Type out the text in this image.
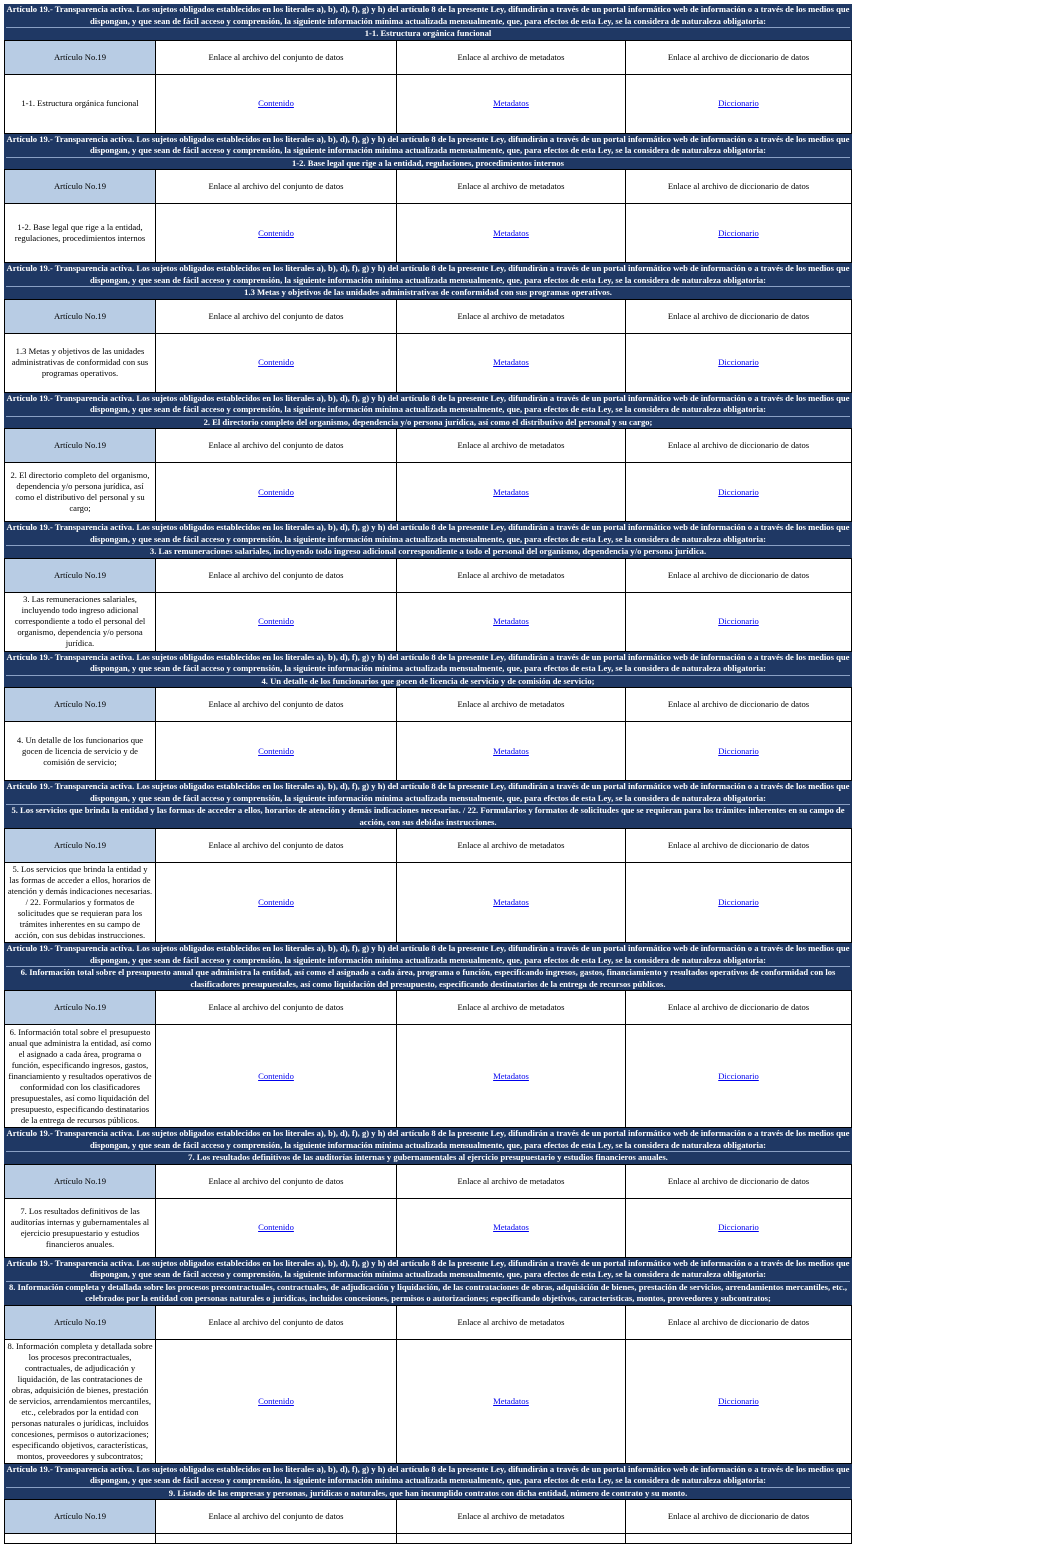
Artículo 19.- Transparencia activa. Los sujetos obligados establecidos en los literales a), b), d), f), g) y h) del artículo 8 de la presente Ley, difundirán a través de un portal informático web de información o a través de los medios que dispongan, y que sean de fácil acceso y comprensión, la siguiente información mínima actualizada mensualmente, que, para efectos de esta Ley, se la considera de naturaleza obligatoria:
1-1. Estructura orgánica funcional
Artículo No.19	Enlace al archivo del conjunto de datos	Enlace al archivo de metadatos	Enlace al archivo de diccionario de datos
1-1. Estructura orgánica funcional	Contenido	Metadatos	Diccionario
Artículo 19.- Transparencia activa. Los sujetos obligados establecidos en los literales a), b), d), f), g) y h) del artículo 8 de la presente Ley, difundirán a través de un portal informático web de información o a través de los medios que dispongan, y que sean de fácil acceso y comprensión, la siguiente información mínima actualizada mensualmente, que, para efectos de esta Ley, se la considera de naturaleza obligatoria:
1-2. Base legal que rige a la entidad, regulaciones, procedimientos internos
Artículo No.19	Enlace al archivo del conjunto de datos	Enlace al archivo de metadatos	Enlace al archivo de diccionario de datos
1-2. Base legal que rige a la entidad, regulaciones, procedimientos internos	Contenido	Metadatos	Diccionario
Artículo 19.- Transparencia activa. Los sujetos obligados establecidos en los literales a), b), d), f), g) y h) del artículo 8 de la presente Ley, difundirán a través de un portal informático web de información o a través de los medios que dispongan, y que sean de fácil acceso y comprensión, la siguiente información mínima actualizada mensualmente, que, para efectos de esta Ley, se la considera de naturaleza obligatoria:
1.3 Metas y objetivos de las unidades administrativas de conformidad con sus programas operativos.
Artículo No.19	Enlace al archivo del conjunto de datos	Enlace al archivo de metadatos	Enlace al archivo de diccionario de datos
1.3 Metas y objetivos de las unidades administrativas de conformidad con sus programas operativos.	Contenido	Metadatos	Diccionario
Artículo 19.- Transparencia activa. Los sujetos obligados establecidos en los literales a), b), d), f), g) y h) del artículo 8 de la presente Ley, difundirán a través de un portal informático web de información o a través de los medios que dispongan, y que sean de fácil acceso y comprensión, la siguiente información mínima actualizada mensualmente, que, para efectos de esta Ley, se la considera de naturaleza obligatoria:
2. El directorio completo del organismo, dependencia y/o persona jurídica, así como el distributivo del personal y su cargo;
Artículo No.19	Enlace al archivo del conjunto de datos	Enlace al archivo de metadatos	Enlace al archivo de diccionario de datos
2. El directorio completo del organismo, dependencia y/o persona jurídica, así como el distributivo del personal y su cargo;	Contenido	Metadatos	Diccionario
Artículo 19.- Transparencia activa. Los sujetos obligados establecidos en los literales a), b), d), f), g) y h) del artículo 8 de la presente Ley, difundirán a través de un portal informático web de información o a través de los medios que dispongan, y que sean de fácil acceso y comprensión, la siguiente información mínima actualizada mensualmente, que, para efectos de esta Ley, se la considera de naturaleza obligatoria:
3. Las remuneraciones salariales, incluyendo todo ingreso adicional correspondiente a todo el personal del organismo, dependencia y/o persona jurídica.
Artículo No.19	Enlace al archivo del conjunto de datos	Enlace al archivo de metadatos	Enlace al archivo de diccionario de datos
3. Las remuneraciones salariales, incluyendo todo ingreso adicional correspondiente a todo el personal del organismo, dependencia y/o persona jurídica.	Contenido	Metadatos	Diccionario
Artículo 19.- Transparencia activa. Los sujetos obligados establecidos en los literales a), b), d), f), g) y h) del artículo 8 de la presente Ley, difundirán a través de un portal informático web de información o a través de los medios que dispongan, y que sean de fácil acceso y comprensión, la siguiente información mínima actualizada mensualmente, que, para efectos de esta Ley, se la considera de naturaleza obligatoria:
4. Un detalle de los funcionarios que gocen de licencia de servicio y de comisión de servicio;
Artículo No.19	Enlace al archivo del conjunto de datos	Enlace al archivo de metadatos	Enlace al archivo de diccionario de datos
4. Un detalle de los funcionarios que gocen de licencia de servicio y de comisión de servicio;	Contenido	Metadatos	Diccionario
Artículo 19.- Transparencia activa. Los sujetos obligados establecidos en los literales a), b), d), f), g) y h) del artículo 8 de la presente Ley, difundirán a través de un portal informático web de información o a través de los medios que dispongan, y que sean de fácil acceso y comprensión, la siguiente información mínima actualizada mensualmente, que, para efectos de esta Ley, se la considera de naturaleza obligatoria:
5. Los servicios que brinda la entidad y las formas de acceder a ellos, horarios de atención y demás indicaciones necesarias. / 22. Formularios y formatos de solicitudes que se requieran para los trámites inherentes en su campo de acción, con sus debidas instrucciones.
Artículo No.19	Enlace al archivo del conjunto de datos	Enlace al archivo de metadatos	Enlace al archivo de diccionario de datos
5. Los servicios que brinda la entidad y las formas de acceder a ellos, horarios de atención y demás indicaciones necesarias. / 22. Formularios y formatos de solicitudes que se requieran para los trámites inherentes en su campo de acción, con sus debidas instrucciones.	Contenido	Metadatos	Diccionario
Artículo 19.- Transparencia activa. Los sujetos obligados establecidos en los literales a), b), d), f), g) y h) del artículo 8 de la presente Ley, difundirán a través de un portal informático web de información o a través de los medios que dispongan, y que sean de fácil acceso y comprensión, la siguiente información mínima actualizada mensualmente, que, para efectos de esta Ley, se la considera de naturaleza obligatoria:
6. Información total sobre el presupuesto anual que administra la entidad, así como el asignado a cada área, programa o función, especificando ingresos, gastos, financiamiento y resultados operativos de conformidad con los clasificadores presupuestales, así como liquidación del presupuesto, especificando destinatarios de la entrega de recursos públicos.
Artículo No.19	Enlace al archivo del conjunto de datos	Enlace al archivo de metadatos	Enlace al archivo de diccionario de datos
6. Información total sobre el presupuesto anual que administra la entidad, así como el asignado a cada área, programa o función, especificando ingresos, gastos, financiamiento y resultados operativos de conformidad con los clasificadores presupuestales, así como liquidación del presupuesto, especificando destinatarios de la entrega de recursos públicos.	Contenido	Metadatos	Diccionario
Artículo 19.- Transparencia activa. Los sujetos obligados establecidos en los literales a), b), d), f), g) y h) del artículo 8 de la presente Ley, difundirán a través de un portal informático web de información o a través de los medios que dispongan, y que sean de fácil acceso y comprensión, la siguiente información mínima actualizada mensualmente, que, para efectos de esta Ley, se la considera de naturaleza obligatoria:
7. Los resultados definitivos de las auditorías internas y gubernamentales al ejercicio presupuestario y estudios financieros anuales.
Artículo No.19	Enlace al archivo del conjunto de datos	Enlace al archivo de metadatos	Enlace al archivo de diccionario de datos
7. Los resultados definitivos de las auditorías internas y gubernamentales al ejercicio presupuestario y estudios financieros anuales.	Contenido	Metadatos	Diccionario
Artículo 19.- Transparencia activa. Los sujetos obligados establecidos en los literales a), b), d), f), g) y h) del artículo 8 de la presente Ley, difundirán a través de un portal informático web de información o a través de los medios que dispongan, y que sean de fácil acceso y comprensión, la siguiente información mínima actualizada mensualmente, que, para efectos de esta Ley, se la considera de naturaleza obligatoria:
8. Información completa y detallada sobre los procesos precontractuales, contractuales, de adjudicación y liquidación, de las contrataciones de obras, adquisición de bienes, prestación de servicios, arrendamientos mercantiles, etc., celebrados por la entidad con personas naturales o jurídicas, incluidos concesiones, permisos o autorizaciones; especificando objetivos, características, montos, proveedores y subcontratos;
Artículo No.19	Enlace al archivo del conjunto de datos	Enlace al archivo de metadatos	Enlace al archivo de diccionario de datos
8. Información completa y detallada sobre los procesos precontractuales, contractuales, de adjudicación y liquidación, de las contrataciones de obras, adquisición de bienes, prestación de servicios, arrendamientos mercantiles, etc., celebrados por la entidad con personas naturales o jurídicas, incluidos concesiones, permisos o autorizaciones; especificando objetivos, características, montos, proveedores y subcontratos;	Contenido	Metadatos	Diccionario
Artículo 19.- Transparencia activa. Los sujetos obligados establecidos en los literales a), b), d), f), g) y h) del artículo 8 de la presente Ley, difundirán a través de un portal informático web de información o a través de los medios que dispongan, y que sean de fácil acceso y comprensión, la siguiente información mínima actualizada mensualmente, que, para efectos de esta Ley, se la considera de naturaleza obligatoria:
9. Listado de las empresas y personas, jurídicas o naturales, que han incumplido contratos con dicha entidad, número de contrato y su monto.
Artículo No.19	Enlace al archivo del conjunto de datos	Enlace al archivo de metadatos	Enlace al archivo de diccionario de datos
